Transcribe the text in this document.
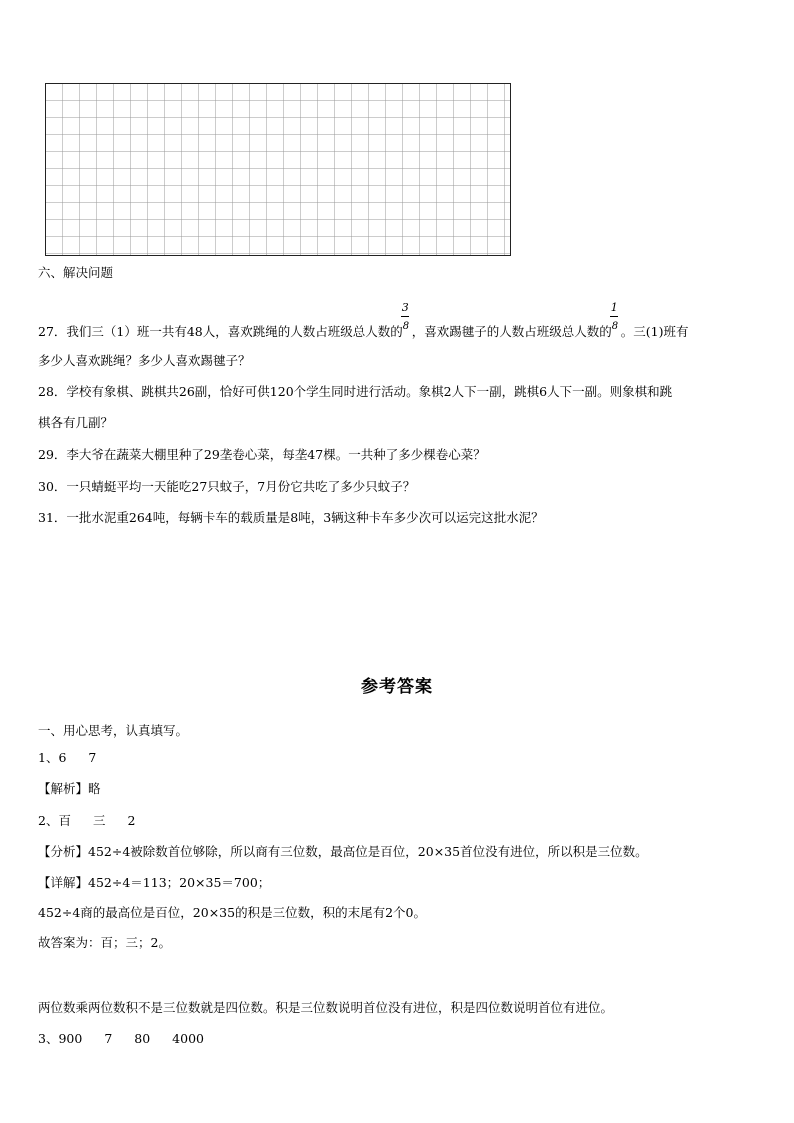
六、解决问题

27．我们三（1）班一共有48人，喜欢跳绳的人数占班级总人数的 $\frac{3}{8}$ ，喜欢踢毽子的人数占班级总人数的 $\frac{1}{8}$ 。三(1)班有

多少人喜欢跳绳？多少人喜欢踢毽子？

28．学校有象棋、跳棋共26副，恰好可供120个学生同时进行活动。象棋2人下一副，跳棋6人下一副。则象棋和跳

棋各有几副？

29．李大爷在蔬菜大棚里种了29垄卷心菜，每垄47棵。一共种了多少棵卷心菜？

30．一只蜻蜓平均一天能吃27只蚊子，7月份它共吃了多少只蚊子？

31．一批水泥重264吨，每辆卡车的载质量是8吨，3辆这种卡车多少次可以运完这批水泥？

参考答案

一、用心思考，认真填写。

1、6 7

【解析】略

2、百 三 2

【分析】452÷4被除数首位够除，所以商有三位数，最高位是百位，20×35首位没有进位，所以积是三位数。

【详解】452÷4＝113；20×35＝700；

452÷4商的最高位是百位，20×35的积是三位数，积的末尾有2个0。

故答案为：百；三；2。

两位数乘两位数积不是三位数就是四位数。积是三位数说明首位没有进位，积是四位数说明首位有进位。

3、900 7 80 4000
